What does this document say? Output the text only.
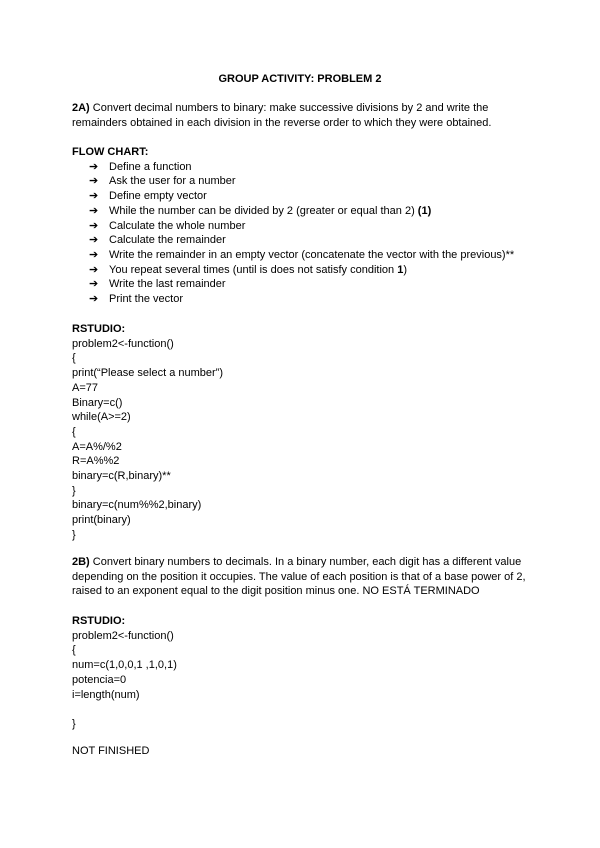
GROUP ACTIVITY: PROBLEM 2

2A) Convert decimal numbers to binary: make successive divisions by 2 and write the remainders obtained in each division in the reverse order to which they were obtained.

FLOW CHART:

➔ Define a function
➔ Ask the user for a number
➔ Define empty vector
➔ While the number can be divided by 2 (greater or equal than 2) (1)
➔ Calculate the whole number
➔ Calculate the remainder
➔ Write the remainder in an empty vector (concatenate the vector with the previous)**
➔ You repeat several times (until is does not satisfy condition 1)
➔ Write the last remainder
➔ Print the vector

RSTUDIO:

problem2<-function()
{
print(“Please select a number”)
A=77
Binary=c()
while(A>=2)
{
A=A%/%2
R=A%%2
binary=c(R,binary)**
}
binary=c(num%%2,binary)
print(binary)
}

2B) Convert binary numbers to decimals. In a binary number, each digit has a different value depending on the position it occupies. The value of each position is that of a base power of 2, raised to an exponent equal to the digit position minus one. NO ESTÁ TERMINADO

RSTUDIO:

problem2<-function()
{
num=c(1,0,0,1 ,1,0,1)
potencia=0
i=length(num)
}
NOT FINISHED
